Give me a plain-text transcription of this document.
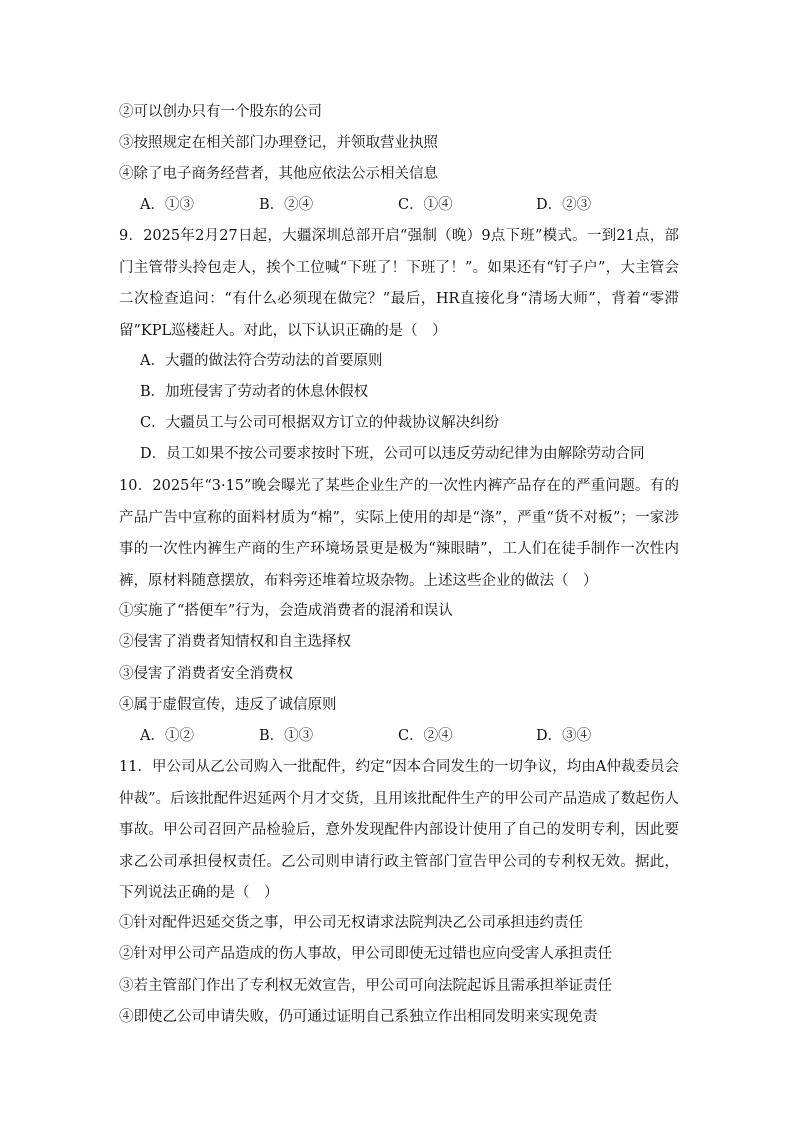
②可以创办只有一个股东的公司
③按照规定在相关部门办理登记，并领取营业执照
④除了电子商务经营者，其他应依法公示相关信息
A．①③	B．②④	C．①④	D．②③
9．2025年2月27日起，大疆深圳总部开启“强制（晚）9点下班”模式。一到21点，部门主管带头拎包走人，挨个工位喊“下班了！下班了！”。如果还有“钉子户”，大主管会二次检查追问：“有什么必须现在做完？”最后，HR直接化身“清场大师”，背着“零滞留”KPL巡楼赶人。对此，以下认识正确的是（　）
A．大疆的做法符合劳动法的首要原则
B．加班侵害了劳动者的休息休假权
C．大疆员工与公司可根据双方订立的仲裁协议解决纠纷
D．员工如果不按公司要求按时下班，公司可以违反劳动纪律为由解除劳动合同
10．2025年“3·15”晚会曝光了某些企业生产的一次性内裤产品存在的严重问题。有的产品广告中宣称的面料材质为“棉”，实际上使用的却是“涤”，严重“货不对板”；一家涉事的一次性内裤生产商的生产环境场景更是极为“辣眼睛”，工人们在徒手制作一次性内裤，原材料随意摆放，布料旁还堆着垃圾杂物。上述这些企业的做法（　）
①实施了“搭便车”行为，会造成消费者的混淆和误认
②侵害了消费者知情权和自主选择权
③侵害了消费者安全消费权
④属于虚假宣传，违反了诚信原则
A．①②	B．①③	C．②④	D．③④
11．甲公司从乙公司购入一批配件，约定“因本合同发生的一切争议，均由A仲裁委员会仲裁”。后该批配件迟延两个月才交货，且用该批配件生产的甲公司产品造成了数起伤人事故。甲公司召回产品检验后，意外发现配件内部设计使用了自己的发明专利，因此要求乙公司承担侵权责任。乙公司则申请行政主管部门宣告甲公司的专利权无效。据此，下列说法正确的是（　）
①针对配件迟延交货之事，甲公司无权请求法院判决乙公司承担违约责任
②针对甲公司产品造成的伤人事故，甲公司即使无过错也应向受害人承担责任
③若主管部门作出了专利权无效宣告，甲公司可向法院起诉且需承担举证责任
④即使乙公司申请失败，仍可通过证明自己系独立作出相同发明来实现免责
